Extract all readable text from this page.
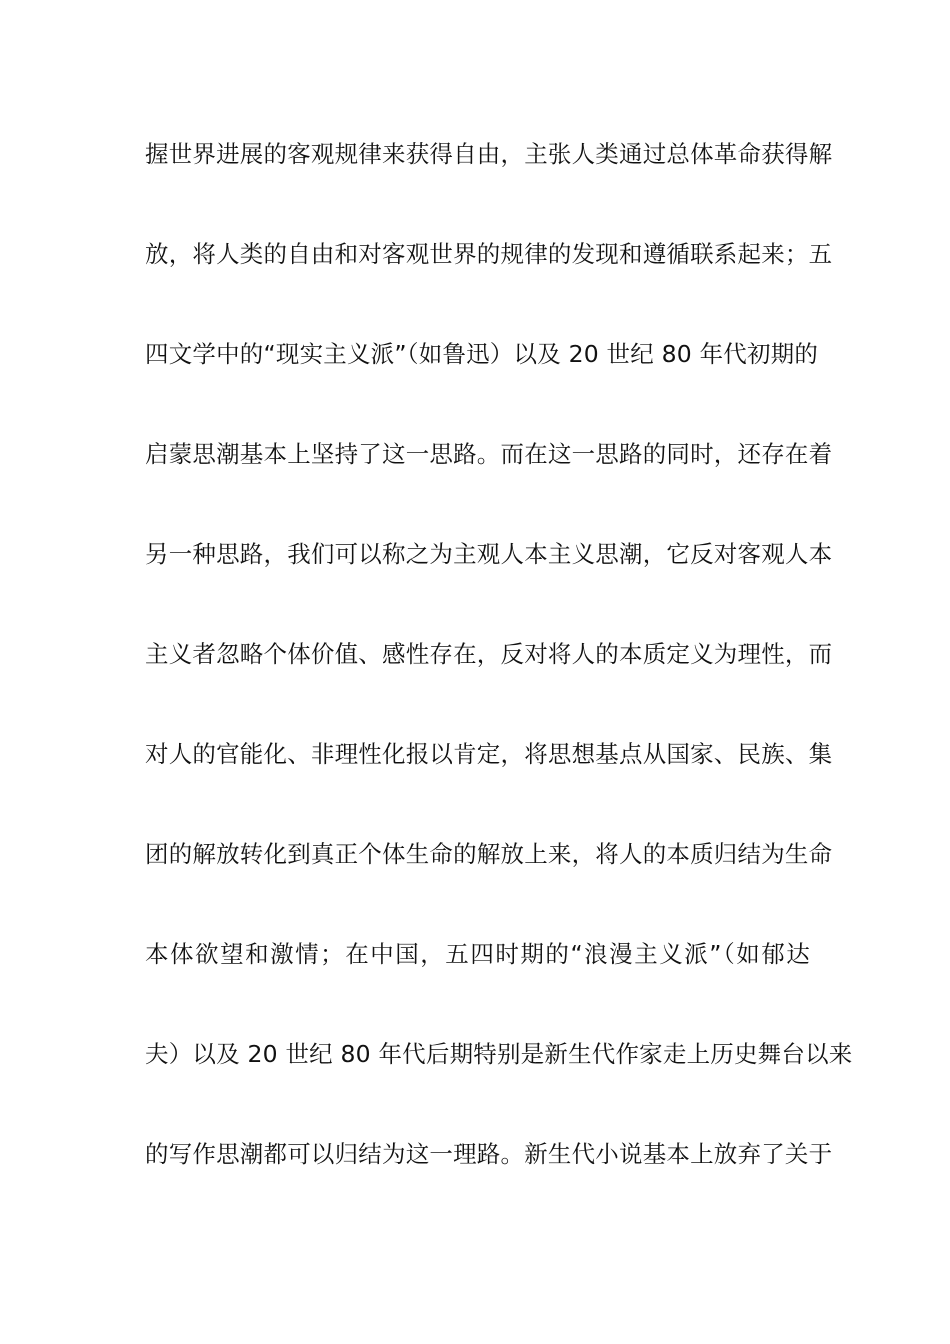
握世界进展的客观规律来获得自由，主张人类通过总体革命获得解
放，将人类的自由和对客观世界的规律的发现和遵循联系起来；五
四文学中的“现实主义派”（如鲁迅）以及 20 世纪 80 年代初期的
启蒙思潮基本上坚持了这一思路。而在这一思路的同时，还存在着
另一种思路，我们可以称之为主观人本主义思潮，它反对客观人本
主义者忽略个体价值、感性存在，反对将人的本质定义为理性，而
对人的官能化、非理性化报以肯定，将思想基点从国家、民族、集
团的解放转化到真正个体生命的解放上来，将人的本质归结为生命
本体欲望和激情；在中国，五四时期的“浪漫主义派”（如郁达
夫）以及 20 世纪 80 年代后期特别是新生代作家走上历史舞台以来
的写作思潮都可以归结为这一理路。新生代小说基本上放弃了关于
